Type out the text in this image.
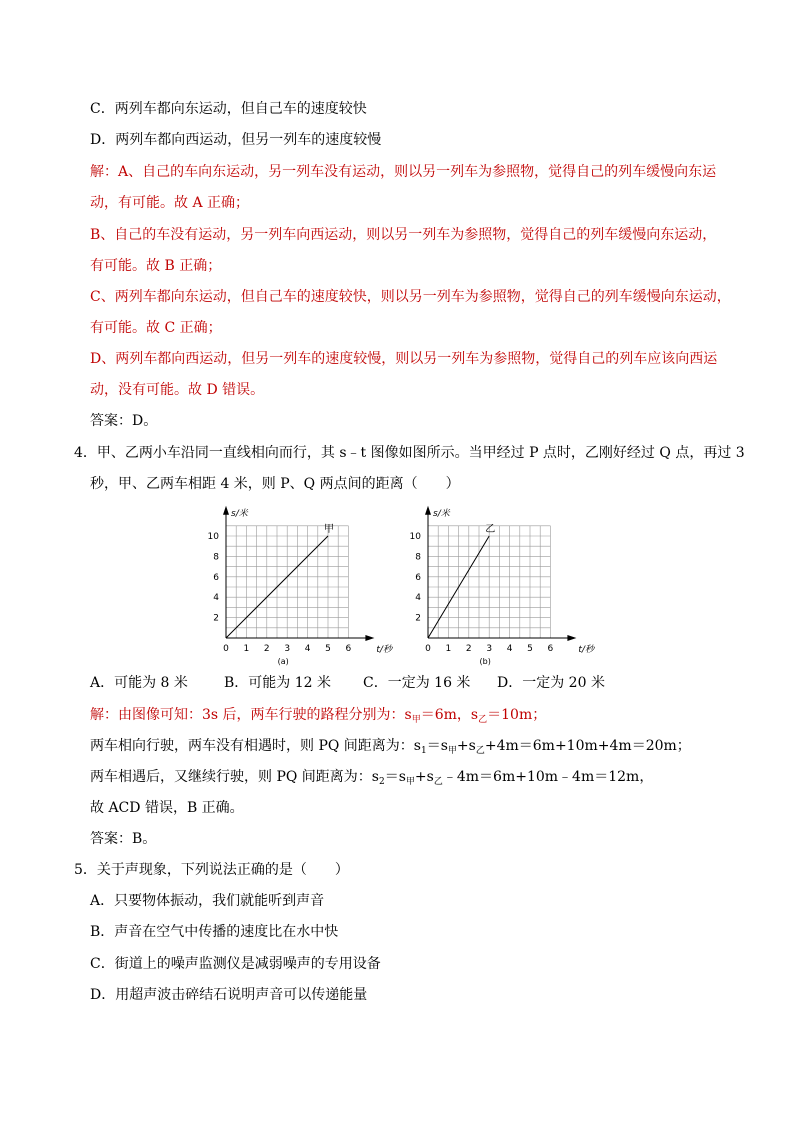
C．两列车都向东运动，但自己车的速度较快
D．两列车都向西运动，但另一列车的速度较慢
解：A、自己的车向东运动，另一列车没有运动，则以另一列车为参照物，觉得自己的列车缓慢向东运
动，有可能。故 A 正确；
B、自己的车没有运动，另一列车向西运动，则以另一列车为参照物，觉得自己的列车缓慢向东运动，
有可能。故 B 正确；
C、两列车都向东运动，但自己车的速度较快，则以另一列车为参照物，觉得自己的列车缓慢向东运动，
有可能。故 C 正确；
D、两列车都向西运动，但另一列车的速度较慢，则以另一列车为参照物，觉得自己的列车应该向西运
动，没有可能。故 D 错误。
答案：D。
4．甲、乙两小车沿同一直线相向而行，其 s﹣t 图像如图所示。当甲经过 P 点时，乙刚好经过 Q 点，再过 3
秒，甲、乙两车相距 4 米，则 P、Q 两点间的距离（　　）
0 1 2 3 4 5 6
2
4
6
8
10
甲
t/秒
s/米
(a)
0 1 2 3 4 5 6
2
4
6
8
10
乙
t/秒
s/米
(b)
A．可能为 8 米	B．可能为 12 米 C．一定为 16 米 D．一定为 20 米
解：由图像可知：3s 后，两车行驶的路程分别为：$s_甲=6m$，$s_乙=10m$；
两车相向行驶，两车没有相遇时，则 PQ 间距离为：$s_1=s_甲+s_乙+4m=6m+10m+4m=20m$；
两车相遇后，又继续行驶，则 PQ 间距离为：$s_2=s_甲+s_乙﹣4m=6m+10m﹣4m=12m$，
故 ACD 错误，B 正确。
答案：B。
5．关于声现象，下列说法正确的是（　　）
A．只要物体振动，我们就能听到声音
B．声音在空气中传播的速度比在水中快
C．街道上的噪声监测仪是减弱噪声的专用设备
D．用超声波击碎结石说明声音可以传递能量
